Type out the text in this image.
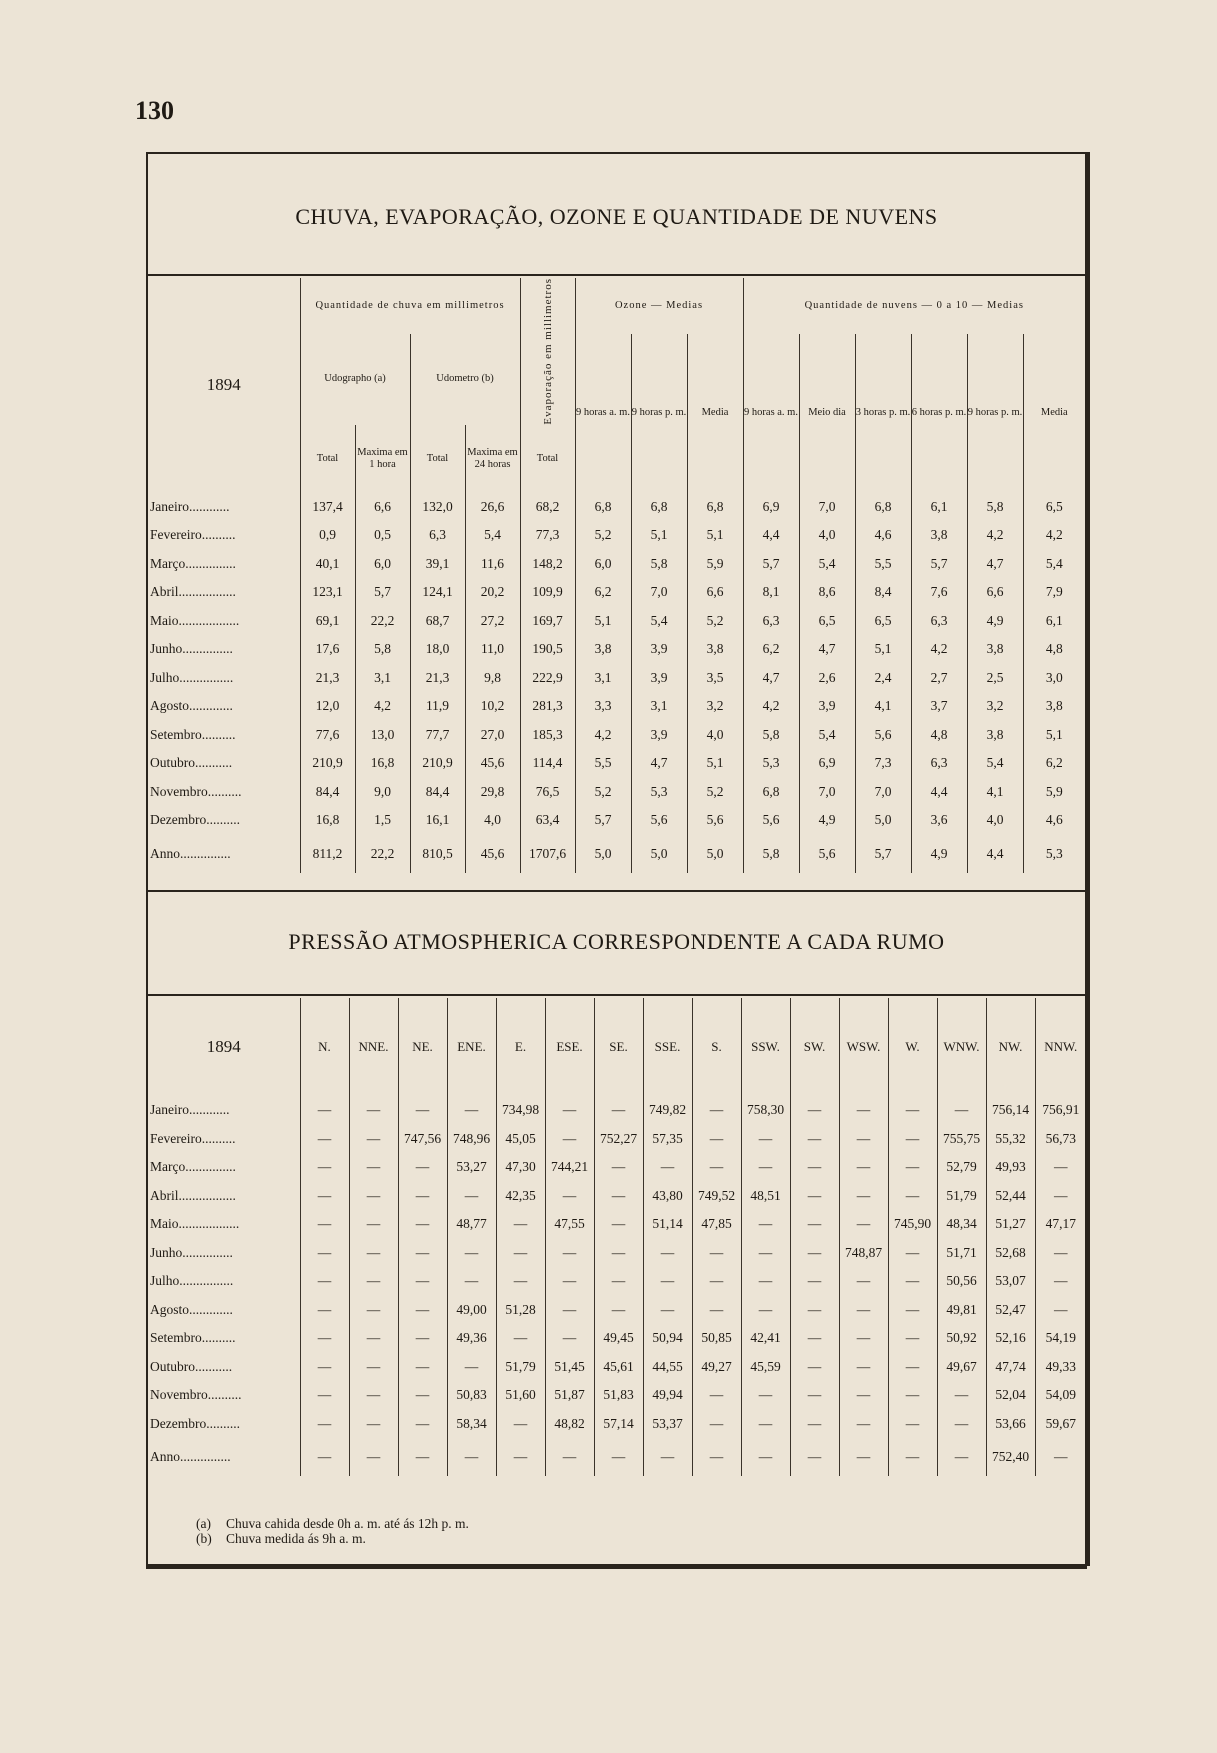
130
CHUVA, EVAPORAÇÃO, OZONE E QUANTIDADE DE NUVENS
1894	Quantidade de chuva em millimetros				Evaporação em millimetros	Ozone — Medias			Quantidade de nuvens — 0 a 10 — Medias					
	Udographo (a)		Udometro (b)			9 horas a. m.	9 horas p. m.	Media	9 horas a. m.	Meio dia	3 horas p. m.	6 horas p. m.	9 horas p. m.	Media
	Total	Maxima em 1 hora	Total	Maxima em 24 horas	Total									
Janeiro............	137,4	6,6	132,0	26,6	68,2	6,8	6,8	6,8	6,9	7,0	6,8	6,1	5,8	6,5
Fevereiro..........	0,9	0,5	6,3	5,4	77,3	5,2	5,1	5,1	4,4	4,0	4,6	3,8	4,2	4,2
Março...............	40,1	6,0	39,1	11,6	148,2	6,0	5,8	5,9	5,7	5,4	5,5	5,7	4,7	5,4
Abril.................	123,1	5,7	124,1	20,2	109,9	6,2	7,0	6,6	8,1	8,6	8,4	7,6	6,6	7,9
Maio..................	69,1	22,2	68,7	27,2	169,7	5,1	5,4	5,2	6,3	6,5	6,5	6,3	4,9	6,1
Junho...............	17,6	5,8	18,0	11,0	190,5	3,8	3,9	3,8	6,2	4,7	5,1	4,2	3,8	4,8
Julho................	21,3	3,1	21,3	9,8	222,9	3,1	3,9	3,5	4,7	2,6	2,4	2,7	2,5	3,0
Agosto.............	12,0	4,2	11,9	10,2	281,3	3,3	3,1	3,2	4,2	3,9	4,1	3,7	3,2	3,8
Setembro..........	77,6	13,0	77,7	27,0	185,3	4,2	3,9	4,0	5,8	5,4	5,6	4,8	3,8	5,1
Outubro...........	210,9	16,8	210,9	45,6	114,4	5,5	4,7	5,1	5,3	6,9	7,3	6,3	5,4	6,2
Novembro..........	84,4	9,0	84,4	29,8	76,5	5,2	5,3	5,2	6,8	7,0	7,0	4,4	4,1	5,9
Dezembro..........	16,8	1,5	16,1	4,0	63,4	5,7	5,6	5,6	5,6	4,9	5,0	3,6	4,0	4,6
Anno...............	811,2	22,2	810,5	45,6	1707,6	5,0	5,0	5,0	5,8	5,6	5,7	4,9	4,4	5,3
PRESSÃO ATMOSPHERICA CORRESPONDENTE A CADA RUMO
1894	N.	NNE.	NE.	ENE.	E.	ESE.	SE.	SSE.	S.	SSW.	SW.	WSW.	W.	WNW.	NW.	NNW.
Janeiro............	—	—	—	—	734,98	—	—	749,82	—	758,30	—	—	—	—	756,14	756,91
Fevereiro..........	—	—	747,56	748,96	45,05	—	752,27	57,35	—	—	—	—	—	755,75	55,32	56,73
Março...............	—	—	—	53,27	47,30	744,21	—	—	—	—	—	—	—	52,79	49,93	—
Abril.................	—	—	—	—	42,35	—	—	43,80	749,52	48,51	—	—	—	51,79	52,44	—
Maio..................	—	—	—	48,77	—	47,55	—	51,14	47,85	—	—	—	745,90	48,34	51,27	47,17
Junho...............	—	—	—	—	—	—	—	—	—	—	—	748,87	—	51,71	52,68	—
Julho................	—	—	—	—	—	—	—	—	—	—	—	—	—	50,56	53,07	—
Agosto.............	—	—	—	49,00	51,28	—	—	—	—	—	—	—	—	49,81	52,47	—
Setembro..........	—	—	—	49,36	—	—	49,45	50,94	50,85	42,41	—	—	—	50,92	52,16	54,19
Outubro...........	—	—	—	—	51,79	51,45	45,61	44,55	49,27	45,59	—	—	—	49,67	47,74	49,33
Novembro..........	—	—	—	50,83	51,60	51,87	51,83	49,94	—	—	—	—	—	—	52,04	54,09
Dezembro..........	—	—	—	58,34	—	48,82	57,14	53,37	—	—	—	—	—	—	53,66	59,67
Anno...............	—	—	—	—	—	—	—	—	—	—	—	—	—	—	752,40	—
(a) Chuva cahida desde 0h a. m. até ás 12h p. m.
(b) Chuva medida ás 9h a. m.
